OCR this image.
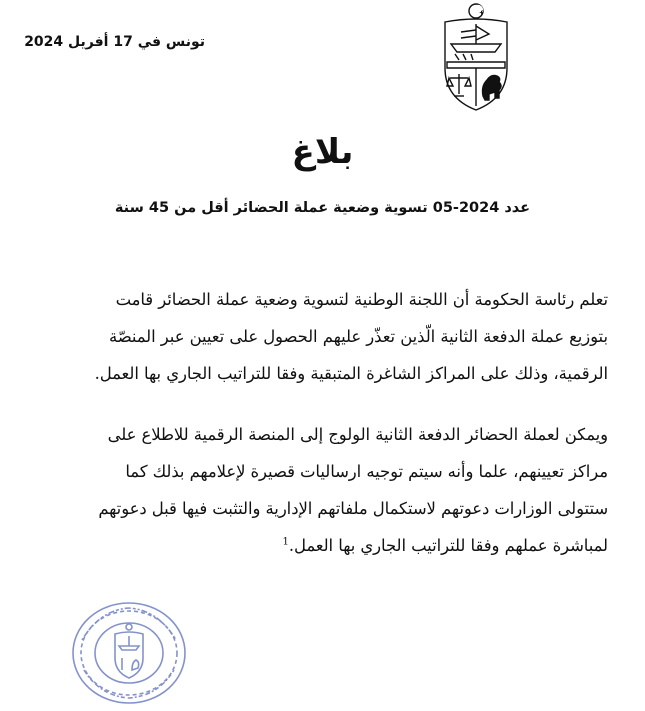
تونس في 17 أفريل 2024
بلاغ
عدد 2024-05 تسوية وضعية عملة الحضائر أقل من 45 سنة

تعلم رئاسة الحكومة أن اللجنة الوطنية لتسوية وضعية عملة الحضائر قامت
بتوزيع عملة الدفعة الثانية الّذين تعذّر عليهم الحصول على تعيين عبر المنصّة
الرقمية، وذلك على المراكز الشاغرة المتبقية وفقا للتراتيب الجاري بها العمل.

ويمكن لعملة الحضائر الدفعة الثانية الولوج إلى المنصة الرقمية للاطلاع على
مراكز تعيينهم، علما وأنه سيتم توجيه ارساليات قصيرة لإعلامهم بذلك كما
ستتولى الوزارات دعوتهم لاستكمال ملفاتهم الإدارية والتثبت فيها قبل دعوتهم
لمباشرة عملهم وفقا للتراتيب الجاري بها العمل.$^1$
